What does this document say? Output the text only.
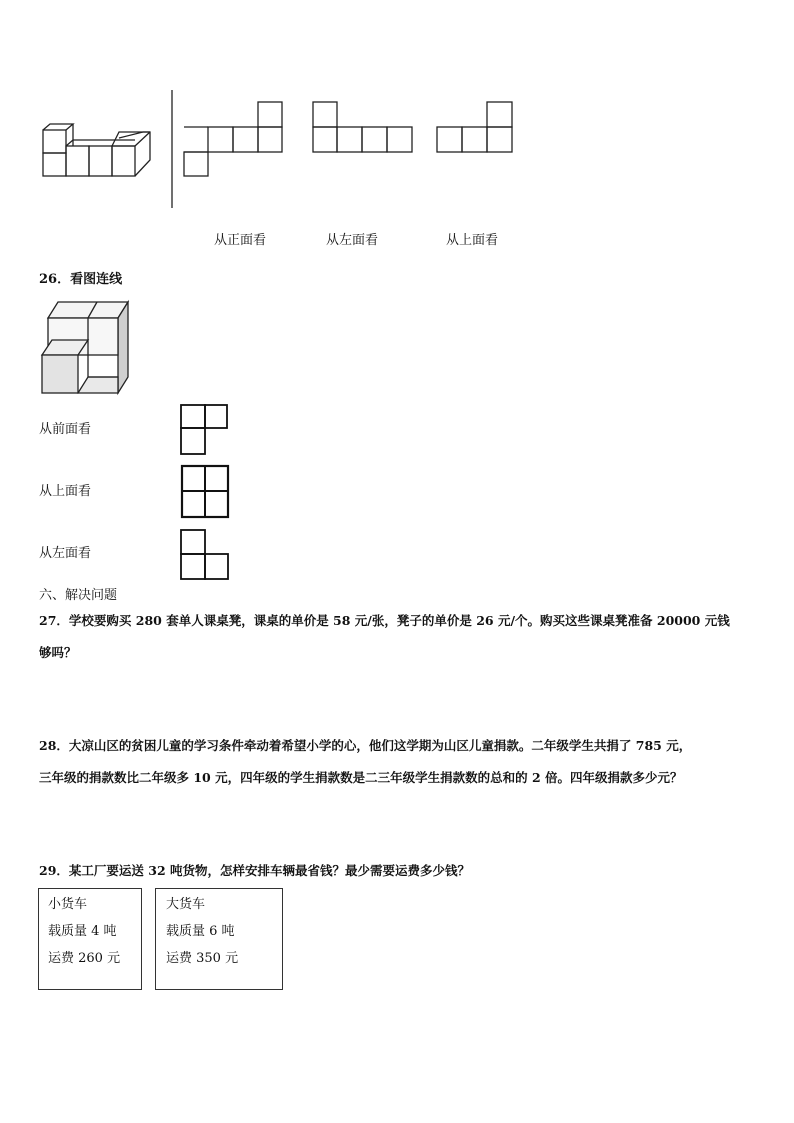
从正面看	从左面看	从上面看
26．看图连线
从前面看
从上面看
从左面看
六、解决问题
27．学校要购买 280 套单人课桌凳，课桌的单价是 58 元/张，凳子的单价是 26 元/个。购买这些课桌凳准备 20000 元钱
够吗？
28．大凉山区的贫困儿童的学习条件牵动着希望小学的心，他们这学期为山区儿童捐款。二年级学生共捐了 785 元，
三年级的捐款数比二年级多 10 元，四年级的学生捐款数是二三年级学生捐款数的总和的 2 倍。四年级捐款多少元？
29．某工厂要运送 32 吨货物，怎样安排车辆最省钱？最少需要运费多少钱？
小货车
载质量 4 吨
运费 260 元
大货车
载质量 6 吨
运费 350 元
